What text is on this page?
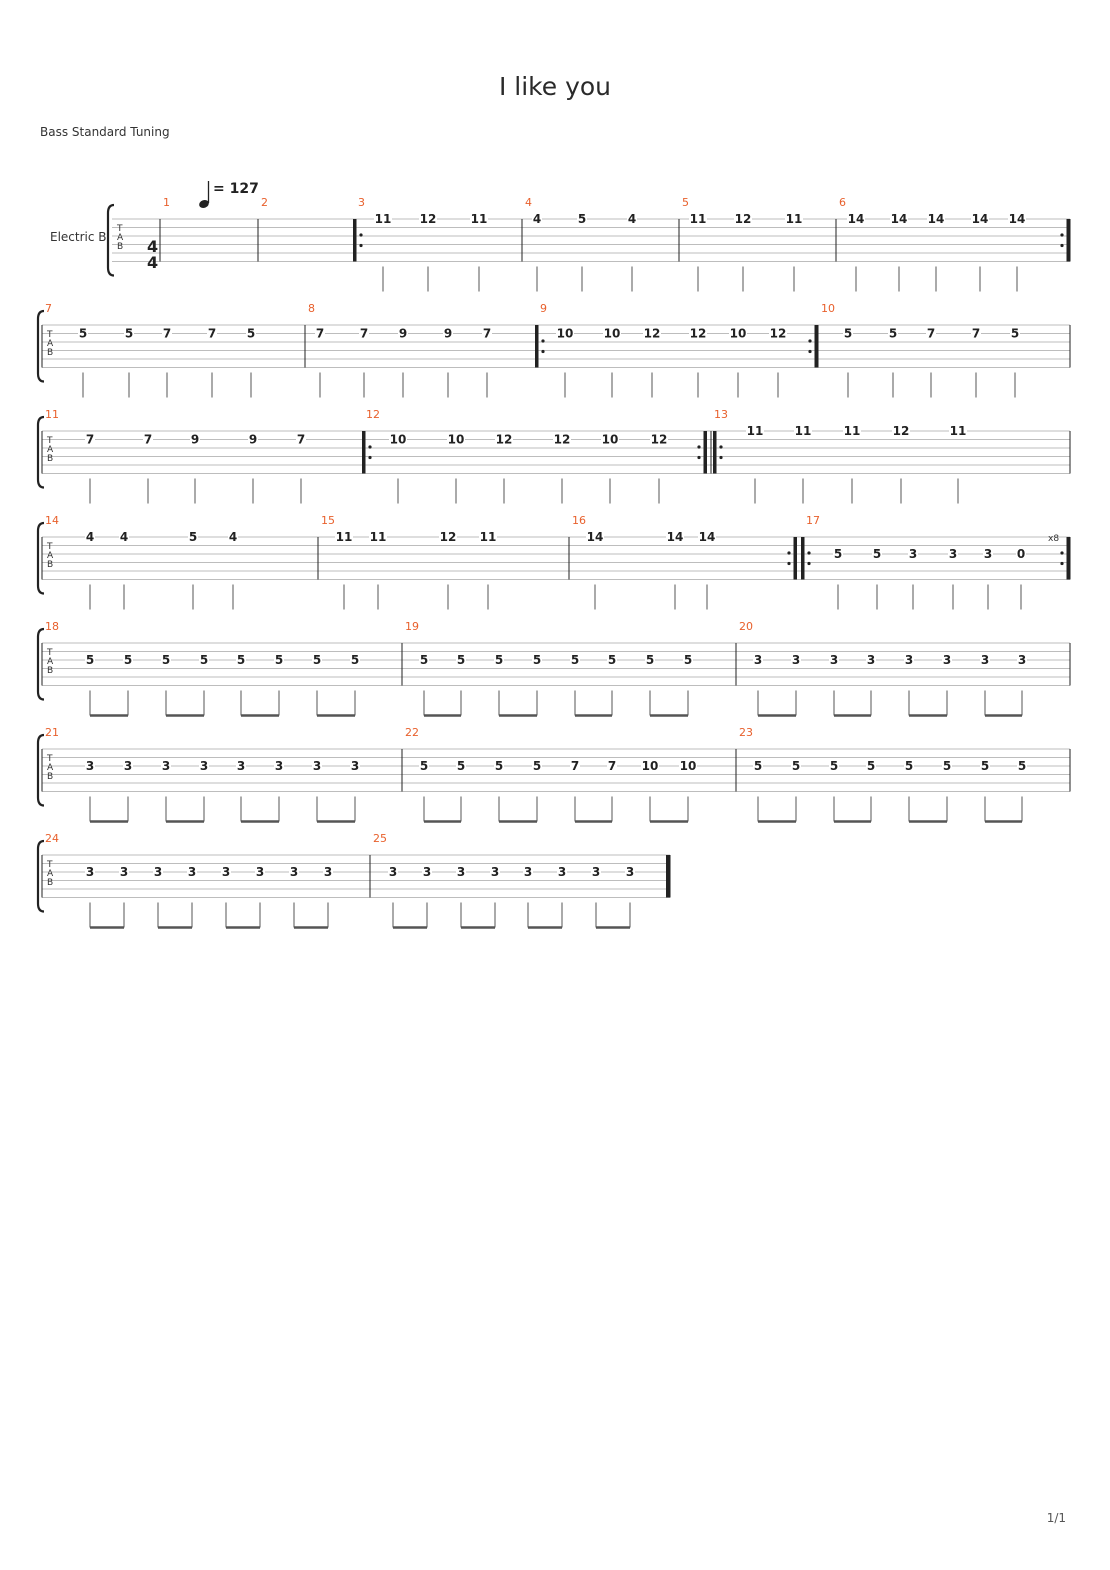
I like you
Bass Standard Tuning
1/1
= 127
Electric B
T
A
B
T
A
B
T
A
B
T
A
B
T
A
B
T
A
B
T
A
B
4
4
x8
1	2	3
11 12	11
4
4	5	4
5
11 12	11
6
14 14 14 14 14
7
5	5 7	7	5
8
7	7	9	9	7
9
10	10 12 12 10 12
10
5	5 7	7	5
11
7	7	9	9	7
12
10	10	12	12	10	12
13
11	11	11	12	11
14
4 4	5	4
15
11 11	12 11
16
14	14 14
17
5	5 3	3 3 0
18
5 5 5 5 5 5 5 5
19
5 5 5 5 5 5 5 5
20
3 3 3 3 3 3 3 3
21
3 3 3 3 3 3 3 3
22
5 5 5 5 7 7 10 10
23
5 5 5 5 5 5 5 5
24
3 3 3 3 3 3 3 3
25
3 3 3 3 3 3 3 3
